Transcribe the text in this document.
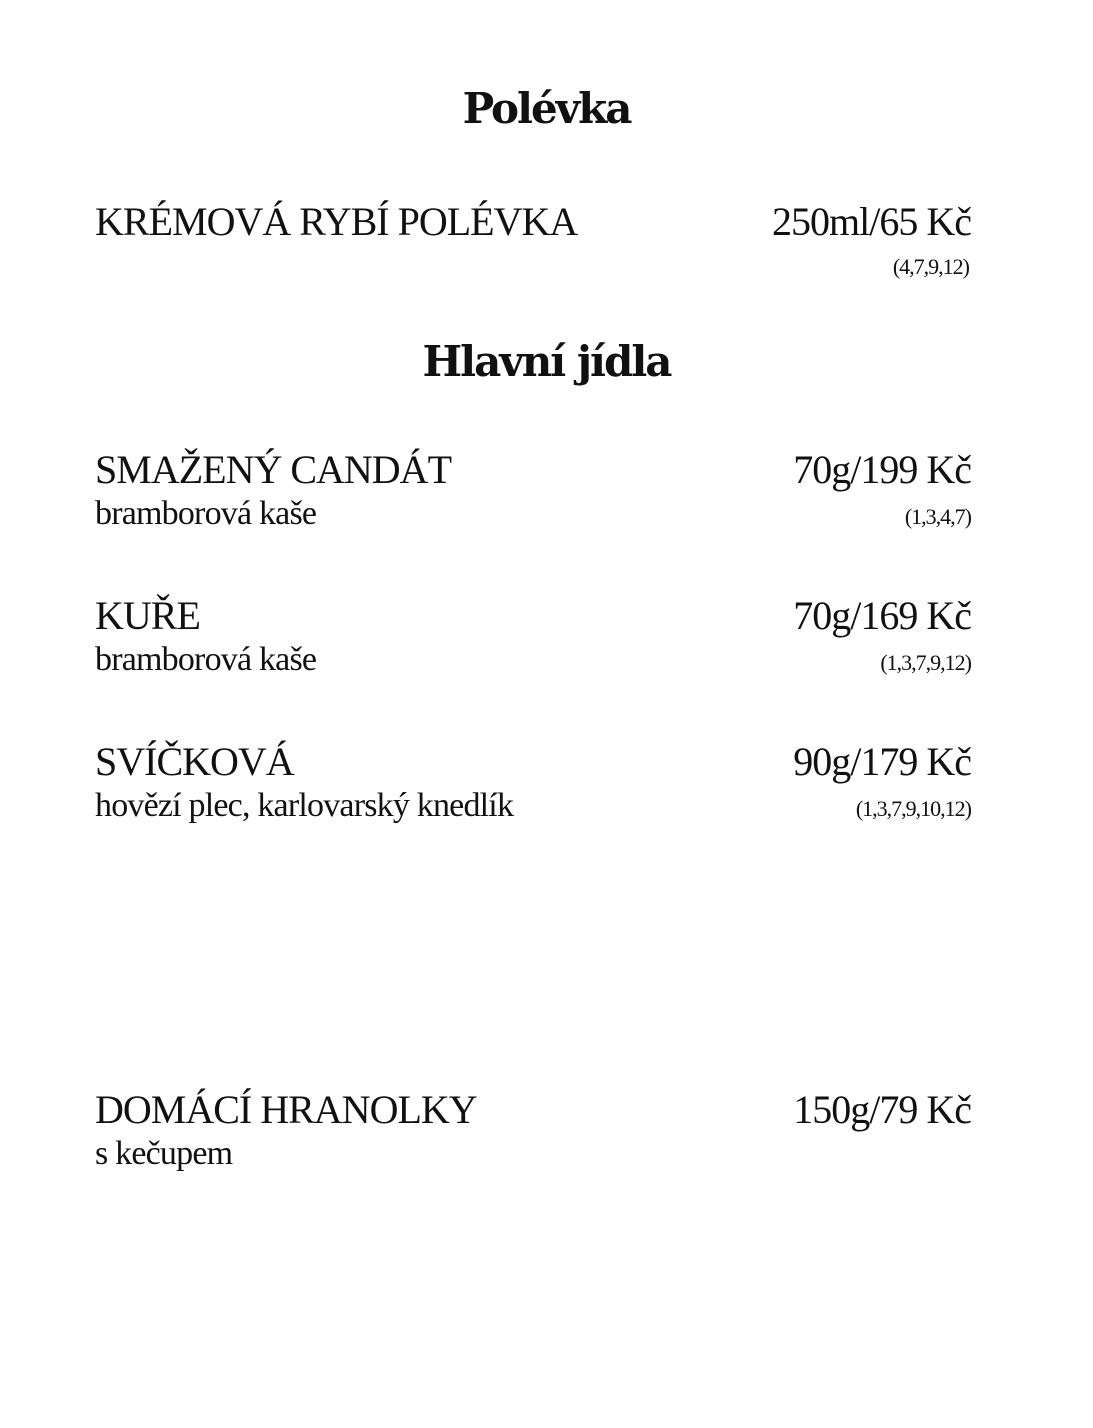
Polévka
KRÉMOVÁ RYBÍ POLÉVKA	250ml/65 Kč
(4,7,9,12)
Hlavní jídla
SMAŽENÝ CANDÁT	70g/199 Kč
bramborová kaše	(1,3,4,7)
KUŘE	70g/169 Kč
bramborová kaše	(1,3,7,9,12)
SVÍČKOVÁ	90g/179 Kč
hovězí plec, karlovarský knedlík	(1,3,7,9,10,12)
DOMÁCÍ HRANOLKY	150g/79 Kč
s kečupem
